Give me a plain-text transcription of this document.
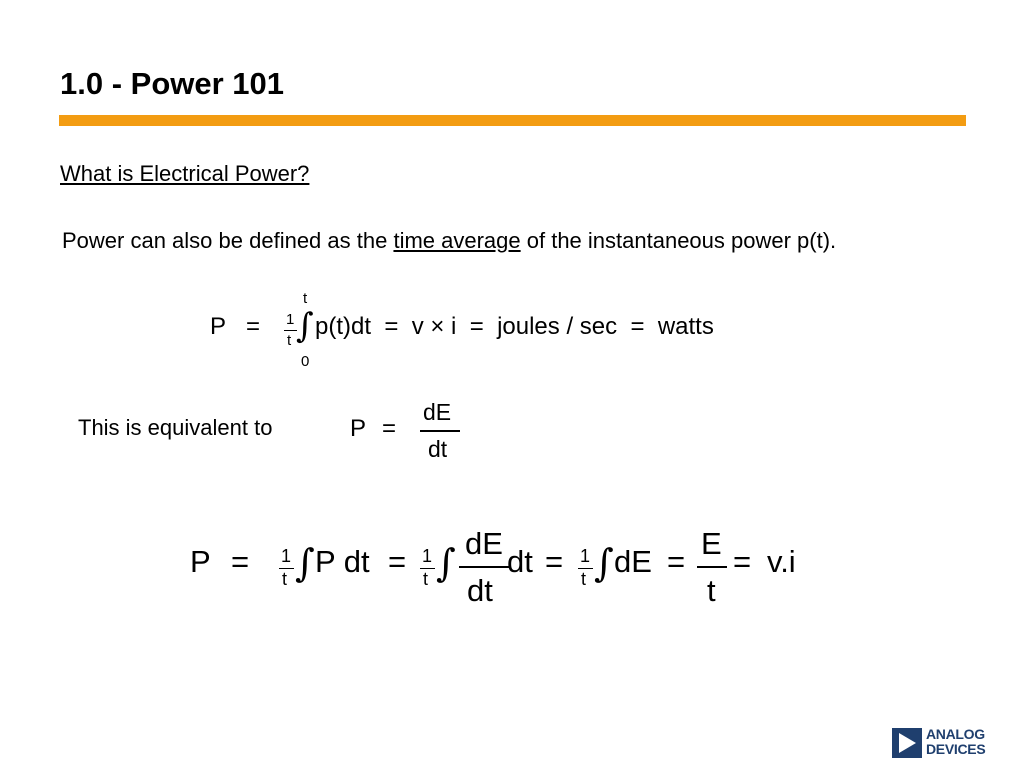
1.0 - Power 101
What is Electrical Power?
Power can also be defined as the time average of the instantaneous power p(t).
P = 1
t ∫
t
0
p(t)dt  =  v × i  =  joules / sec  =  watts
This is equivalent to	P =
dE
dt
P = 1
t ∫ P dt = 1
t ∫ dE
dt
dt = 1
t ∫ dE =
E
t
= v.i
ANALOG
DEVICES
